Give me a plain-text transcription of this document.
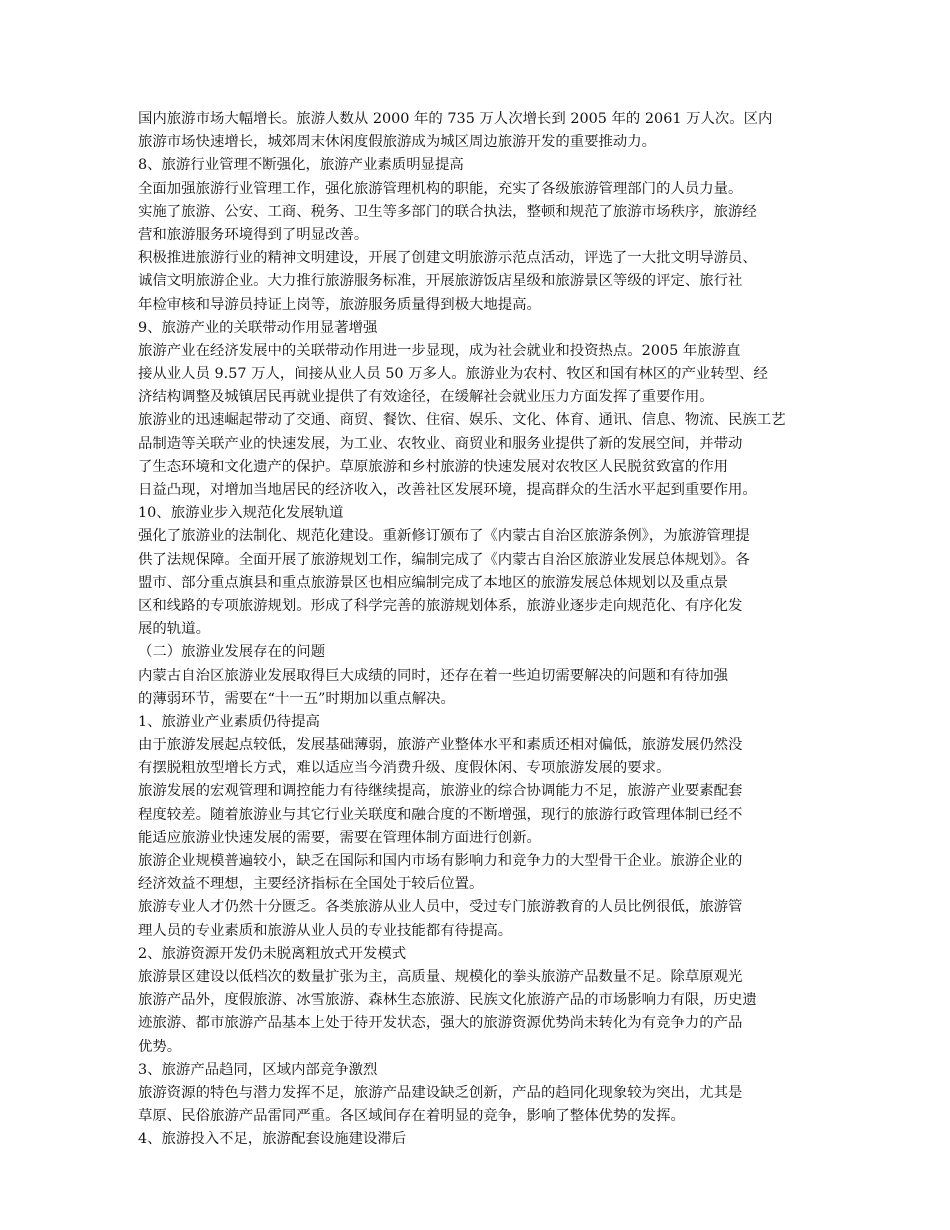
国内旅游市场大幅增长。旅游人数从 2000 年的 735 万人次增长到 2005 年的 2061 万人次。区内
旅游市场快速增长，城郊周末休闲度假旅游成为城区周边旅游开发的重要推动力。
8、旅游行业管理不断强化，旅游产业素质明显提高
全面加强旅游行业管理工作，强化旅游管理机构的职能，充实了各级旅游管理部门的人员力量。
实施了旅游、公安、工商、税务、卫生等多部门的联合执法，整顿和规范了旅游市场秩序，旅游经
营和旅游服务环境得到了明显改善。
积极推进旅游行业的精神文明建设，开展了创建文明旅游示范点活动，评选了一大批文明导游员、
诚信文明旅游企业。大力推行旅游服务标准，开展旅游饭店星级和旅游景区等级的评定、旅行社
年检审核和导游员持证上岗等，旅游服务质量得到极大地提高。
9、旅游产业的关联带动作用显著增强
旅游产业在经济发展中的关联带动作用进一步显现，成为社会就业和投资热点。2005 年旅游直
接从业人员 9.57 万人，间接从业人员 50 万多人。旅游业为农村、牧区和国有林区的产业转型、经
济结构调整及城镇居民再就业提供了有效途径，在缓解社会就业压力方面发挥了重要作用。
旅游业的迅速崛起带动了交通、商贸、餐饮、住宿、娱乐、文化、体育、通讯、信息、物流、民族工艺
品制造等关联产业的快速发展，为工业、农牧业、商贸业和服务业提供了新的发展空间，并带动
了生态环境和文化遗产的保护。草原旅游和乡村旅游的快速发展对农牧区人民脱贫致富的作用
日益凸现，对增加当地居民的经济收入，改善社区发展环境，提高群众的生活水平起到重要作用。
10、旅游业步入规范化发展轨道
强化了旅游业的法制化、规范化建设。重新修订颁布了《内蒙古自治区旅游条例》，为旅游管理提
供了法规保障。全面开展了旅游规划工作，编制完成了《内蒙古自治区旅游业发展总体规划》。各
盟市、部分重点旗县和重点旅游景区也相应编制完成了本地区的旅游发展总体规划以及重点景
区和线路的专项旅游规划。形成了科学完善的旅游规划体系，旅游业逐步走向规范化、有序化发
展的轨道。
（二）旅游业发展存在的问题
内蒙古自治区旅游业发展取得巨大成绩的同时，还存在着一些迫切需要解决的问题和有待加强
的薄弱环节，需要在“十一五”时期加以重点解决。
1、旅游业产业素质仍待提高
由于旅游发展起点较低，发展基础薄弱，旅游产业整体水平和素质还相对偏低，旅游发展仍然没
有摆脱粗放型增长方式，难以适应当今消费升级、度假休闲、专项旅游发展的要求。
旅游发展的宏观管理和调控能力有待继续提高，旅游业的综合协调能力不足，旅游产业要素配套
程度较差。随着旅游业与其它行业关联度和融合度的不断增强，现行的旅游行政管理体制已经不
能适应旅游业快速发展的需要，需要在管理体制方面进行创新。
旅游企业规模普遍较小，缺乏在国际和国内市场有影响力和竞争力的大型骨干企业。旅游企业的
经济效益不理想，主要经济指标在全国处于较后位置。
旅游专业人才仍然十分匮乏。各类旅游从业人员中，受过专门旅游教育的人员比例很低，旅游管
理人员的专业素质和旅游从业人员的专业技能都有待提高。
2、旅游资源开发仍未脱离粗放式开发模式
旅游景区建设以低档次的数量扩张为主，高质量、规模化的拳头旅游产品数量不足。除草原观光
旅游产品外，度假旅游、冰雪旅游、森林生态旅游、民族文化旅游产品的市场影响力有限，历史遗
迹旅游、都市旅游产品基本上处于待开发状态，强大的旅游资源优势尚未转化为有竞争力的产品
优势。
3、旅游产品趋同，区域内部竞争激烈
旅游资源的特色与潜力发挥不足，旅游产品建设缺乏创新，产品的趋同化现象较为突出，尤其是
草原、民俗旅游产品雷同严重。各区域间存在着明显的竞争，影响了整体优势的发挥。
4、旅游投入不足，旅游配套设施建设滞后
